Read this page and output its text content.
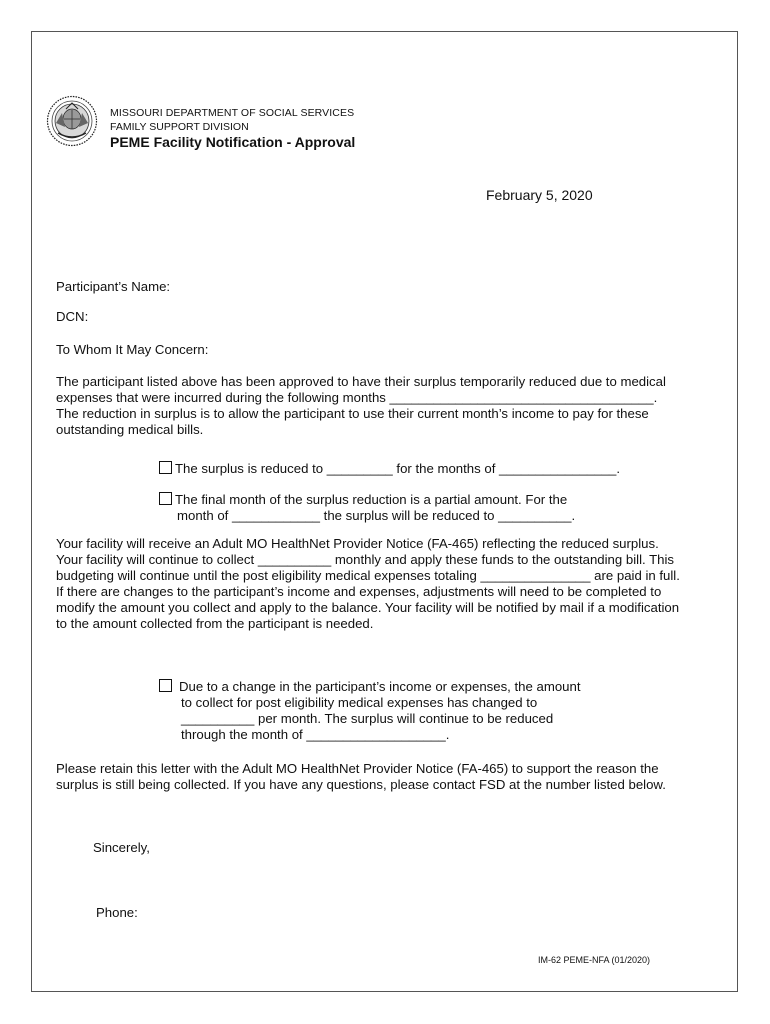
MISSOURI DEPARTMENT OF SOCIAL SERVICES
FAMILY SUPPORT DIVISION
PEME Facility Notification - Approval
February 5, 2020
Participant’s Name:
DCN:
To Whom It May Concern:
The participant listed above has been approved to have their surplus temporarily reduced due to medical
expenses that were incurred during the following months ____________________________________.
The reduction in surplus is to allow the participant to use their current month’s income to pay for these
outstanding medical bills.
The surplus is reduced to _________ for the months of ________________.
The final month of the surplus reduction is a partial amount. For the
month of ____________ the surplus will be reduced to __________.
Your facility will receive an Adult MO HealthNet Provider Notice (FA-465) reflecting the reduced surplus.
Your facility will continue to collect __________ monthly and apply these funds to the outstanding bill. This
budgeting will continue until the post eligibility medical expenses totaling _______________ are paid in full.
If there are changes to the participant’s income and expenses, adjustments will need to be completed to
modify the amount you collect and apply to the balance. Your facility will be notified by mail if a modification
to the amount collected from the participant is needed.
Due to a change in the participant’s income or expenses, the amount
to collect for post eligibility medical expenses has changed to
__________ per month. The surplus will continue to be reduced
through the month of ___________________.
Please retain this letter with the Adult MO HealthNet Provider Notice (FA-465) to support the reason the
surplus is still being collected. If you have any questions, please contact FSD at the number listed below.
Sincerely,
Phone:
IM-62 PEME-NFA (01/2020)
